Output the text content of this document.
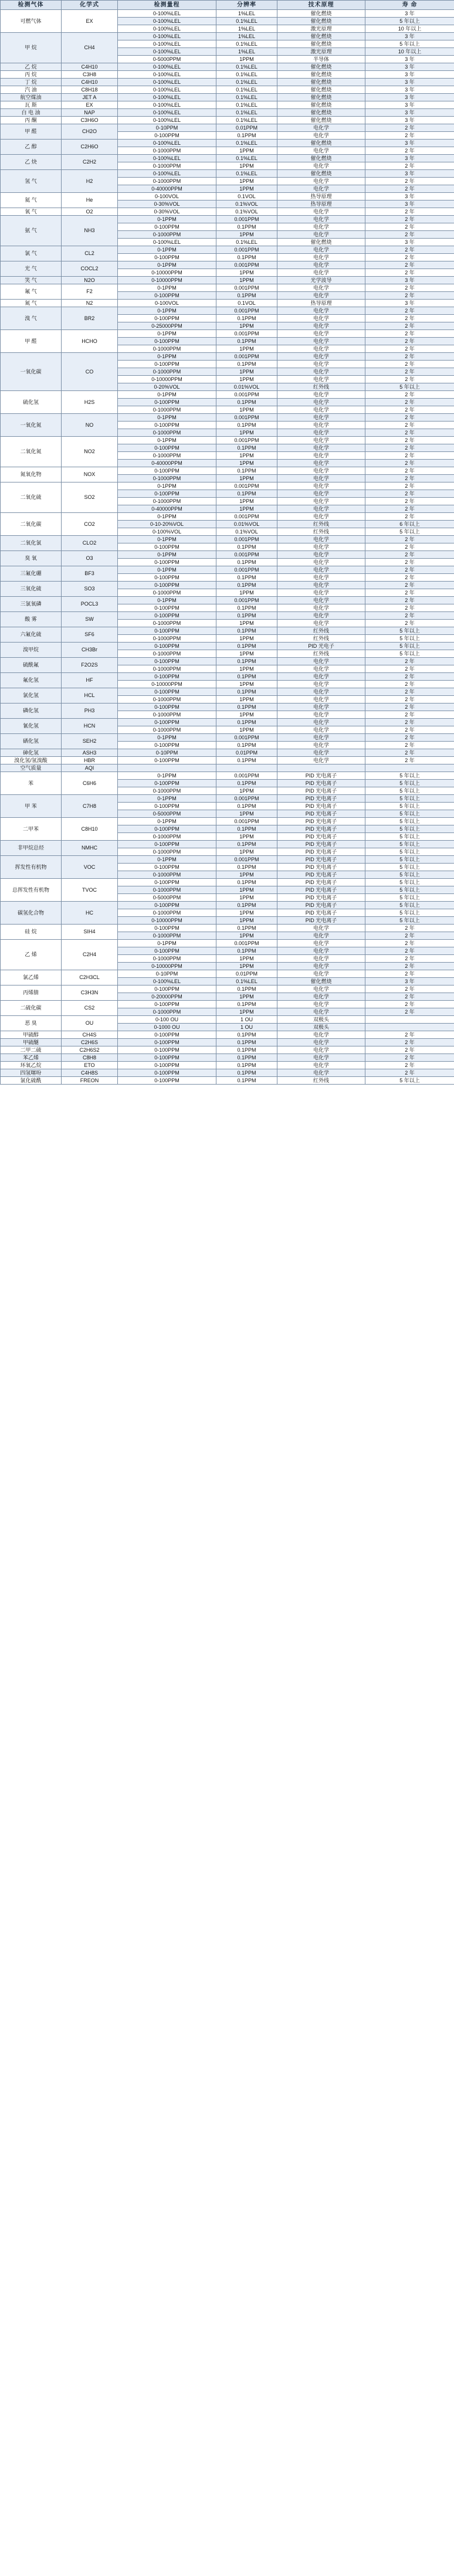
检测气体	化学式	检测量程	分辨率	技术原理	寿 命
可燃气体	EX	0-100%LEL	1%LEL	催化燃烧	3 年
		0-100%LEL	0.1%LEL	催化燃烧	5 年以上
		0-100%LEL	1%LEL	激光原理	10 年以上
甲 烷	CH4	0-100%LEL	1%LEL	催化燃烧	3 年
		0-100%LEL	0.1%LEL	催化燃烧	5 年以上
		0-100%LEL	1%LEL	激光原理	10 年以上
		0-5000PPM	1PPM	半导体	3 年
乙 烷	C4H10	0-100%LEL	0.1%LEL	催化燃烧	3 年
丙 烷	C3H8	0-100%LEL	0.1%LEL	催化燃烧	3 年
丁 烷	C4H10	0-100%LEL	0.1%LEL	催化燃烧	3 年
汽 油	C8H18	0-100%LEL	0.1%LEL	催化燃烧	3 年
航空煤油	JET A	0-100%LEL	0.1%LEL	催化燃烧	3 年
瓦 斯	EX	0-100%LEL	0.1%LEL	催化燃烧	3 年
白 电 油	NAP	0-100%LEL	0.1%LEL	催化燃烧	3 年
丙 酮	C3H6O	0-100%LEL	0.1%LEL	催化燃烧	3 年
甲 醛	CH2O	0-10PPM	0.01PPM	电化学	2 年
		0-100PPM	0.1PPM	电化学	2 年
乙 醇	C2H6O	0-100%LEL	0.1%LEL	催化燃烧	3 年
		0-1000PPM	1PPM	电化学	2 年
乙 炔	C2H2	0-100%LEL	0.1%LEL	催化燃烧	3 年
		0-1000PPM	1PPM	电化学	2 年
氢 气	H2	0-100%LEL	0.1%LEL	催化燃烧	3 年
		0-1000PPM	1PPM	电化学	2 年
		0-40000PPM	1PPM	电化学	2 年
氦 气	He	0-100VOL	0.1VOL	热导原理	3 年
		0-30%VOL	0.1%VOL	热导原理	3 年
氧 气	O2	0-30%VOL	0.1%VOL	电化学	2 年
氨 气	NH3	0-1PPM	0.001PPM	电化学	2 年
		0-100PPM	0.1PPM	电化学	2 年
		0-1000PPM	1PPM	电化学	2 年
		0-100%LEL	0.1%LEL	催化燃烧	3 年
氯 气	CL2	0-1PPM	0.001PPM	电化学	2 年
		0-100PPM	0.1PPM	电化学	2 年
光 气	COCL2	0-1PPM	0.001PPM	电化学	2 年
		0-10000PPM	1PPM	电化学	2 年
笑 气	N2O	0-10000PPM	1PPM	光学波导	3 年
氟 气	F2	0-1PPM	0.001PPM	电化学	2 年
		0-100PPM	0.1PPM	电化学	2 年
氮 气	N2	0-100VOL	0.1VOL	热导原理	3 年
溴 气	BR2	0-1PPM	0.001PPM	电化学	2 年
		0-100PPM	0.1PPM	电化学	2 年
		0-25000PPM	1PPM	电化学	2 年
甲 醛	HCHO	0-1PPM	0.001PPM	电化学	2 年
		0-100PPM	0.1PPM	电化学	2 年
		0-1000PPM	1PPM	电化学	2 年
一氧化碳	CO	0-1PPM	0.001PPM	电化学	2 年
		0-100PPM	0.1PPM	电化学	2 年
		0-1000PPM	1PPM	电化学	2 年
		0-10000PPM	1PPM	电化学	2 年
		0-20%VOL	0.01%VOL	红外线	5 年以上
硫化氢	H2S	0-1PPM	0.001PPM	电化学	2 年
		0-100PPM	0.1PPM	电化学	2 年
		0-1000PPM	1PPM	电化学	2 年
一氧化氮	NO	0-1PPM	0.001PPM	电化学	2 年
		0-100PPM	0.1PPM	电化学	2 年
		0-1000PPM	1PPM	电化学	2 年
二氧化氮	NO2	0-1PPM	0.001PPM	电化学	2 年
		0-100PPM	0.1PPM	电化学	2 年
		0-1000PPM	1PPM	电化学	2 年
		0-40000PPM	1PPM	电化学	2 年
氮氧化物	NOX	0-100PPM	0.1PPM	电化学	2 年
		0-1000PPM	1PPM	电化学	2 年
二氧化硫	SO2	0-1PPM	0.001PPM	电化学	2 年
		0-100PPM	0.1PPM	电化学	2 年
		0-1000PPM	1PPM	电化学	2 年
		0-40000PPM	1PPM	电化学	2 年
二氧化碳	CO2	0-1PPM	0.001PPM	电化学	2 年
		0-10-20%VOL	0.01%VOL	红外线	6 年以上
		0-100%VOL	0.1%VOL	红外线	5 年以上
二氧化氯	CLO2	0-1PPM	0.001PPM	电化学	2 年
		0-100PPM	0.1PPM	电化学	2 年
臭 氧	O3	0-1PPM	0.001PPM	电化学	2 年
		0-100PPM	0.1PPM	电化学	2 年
三氟化硼	BF3	0-1PPM	0.001PPM	电化学	2 年
		0-100PPM	0.1PPM	电化学	2 年
三氧化硫	SO3	0-100PPM	0.1PPM	电化学	2 年
		0-1000PPM	1PPM	电化学	2 年
三氯氧磷	POCL3	0-1PPM	0.001PPM	电化学	2 年
		0-100PPM	0.1PPM	电化学	2 年
酸 雾	SW	0-100PPM	0.1PPM	电化学	2 年
		0-1000PPM	1PPM	电化学	2 年
六氟化硫	SF6	0-100PPM	0.1PPM	红外线	5 年以上
		0-1000PPM	1PPM	红外线	5 年以上
溴甲烷	CH3Br	0-100PPM	0.1PPM	PID 光电子	5 年以上
		0-1000PPM	1PPM	红外线	5 年以上
硫酰氟	F2O2S	0-100PPM	0.1PPM	电化学	2 年
		0-1000PPM	1PPM	电化学	2 年
氟化氢	HF	0-100PPM	0.1PPM	电化学	2 年
		0-10000PPM	1PPM	电化学	2 年
氯化氢	HCL	0-100PPM	0.1PPM	电化学	2 年
		0-1000PPM	1PPM	电化学	2 年
磷化氢	PH3	0-100PPM	0.1PPM	电化学	2 年
		0-1000PPM	1PPM	电化学	2 年
氰化氢	HCN	0-100PPM	0.1PPM	电化学	2 年
		0-1000PPM	1PPM	电化学	2 年
硒化氢	SEH2	0-1PPM	0.001PPM	电化学	2 年
		0-100PPM	0.1PPM	电化学	2 年
砷化氢	ASH3	0-10PPM	0.01PPM	电化学	2 年
溴化氢/氢溴酸	HBR	0-100PPM	0.1PPM	电化学	2 年
空气质量	AQI				
苯	C6H6	0-1PPM	0.001PPM	PID 光电离子	5 年以上
		0-100PPM	0.1PPM	PID 光电离子	5 年以上
		0-1000PPM	1PPM	PID 光电离子	5 年以上
甲 苯	C7H8	0-1PPM	0.001PPM	PID 光电离子	5 年以上
		0-100PPM	0.1PPM	PID 光电离子	5 年以上
		0-5000PPM	1PPM	PID 光电离子	5 年以上
二甲苯	C8H10	0-1PPM	0.001PPM	PID 光电离子	5 年以上
		0-100PPM	0.1PPM	PID 光电离子	5 年以上
		0-1000PPM	1PPM	PID 光电离子	5 年以上
非甲烷总烃	NMHC	0-100PPM	0.1PPM	PID 光电离子	5 年以上
		0-1000PPM	1PPM	PID 光电离子	5 年以上
挥发性有机物	VOC	0-1PPM	0.001PPM	PID 光电离子	5 年以上
		0-100PPM	0.1PPM	PID 光电离子	5 年以上
		0-1000PPM	1PPM	PID 光电离子	5 年以上
总挥发性有机物	TVOC	0-100PPM	0.1PPM	PID 光电离子	5 年以上
		0-1000PPM	1PPM	PID 光电离子	5 年以上
		0-5000PPM	1PPM	PID 光电离子	5 年以上
碳氢化合物	HC	0-100PPM	0.1PPM	PID 光电离子	5 年以上
		0-1000PPM	1PPM	PID 光电离子	5 年以上
		0-10000PPM	1PPM	PID 光电离子	5 年以上
硅 烷	SIH4	0-100PPM	0.1PPM	电化学	2 年
		0-1000PPM	1PPM	电化学	2 年
乙 烯	C2H4	0-1PPM	0.001PPM	电化学	2 年
		0-100PPM	0.1PPM	电化学	2 年
		0-1000PPM	1PPM	电化学	2 年
		0-10000PPM	1PPM	电化学	2 年
氯乙烯	C2H3CL	0-10PPM	0.01PPM	电化学	2 年
		0-100%LEL	0.1%LEL	催化燃烧	3 年
丙烯腈	C3H3N	0-100PPM	0.1PPM	电化学	2 年
		0-20000PPM	1PPM	电化学	2 年
二硫化碳	CS2	0-100PPM	0.1PPM	电化学	2 年
		0-1000PPM	1PPM	电化学	2 年
恶 臭	OU	0-100 OU	1 OU	双极头	
		0-1000 OU	1 OU	双极头	
甲硫醇	CH4S	0-100PPM	0.1PPM	电化学	2 年
甲硫醚	C2H6S	0-100PPM	0.1PPM	电化学	2 年
二甲二硫	C2H6S2	0-100PPM	0.1PPM	电化学	2 年
苯乙烯	C8H8	0-100PPM	0.1PPM	电化学	2 年
环氧乙烷	ETO	0-100PPM	0.1PPM	电化学	2 年
四氢噻吩	C4H8S	0-100PPM	0.1PPM	电化学	2 年
氯化硫酰	FREON	0-100PPM	0.1PPM	红外线	5 年以上
